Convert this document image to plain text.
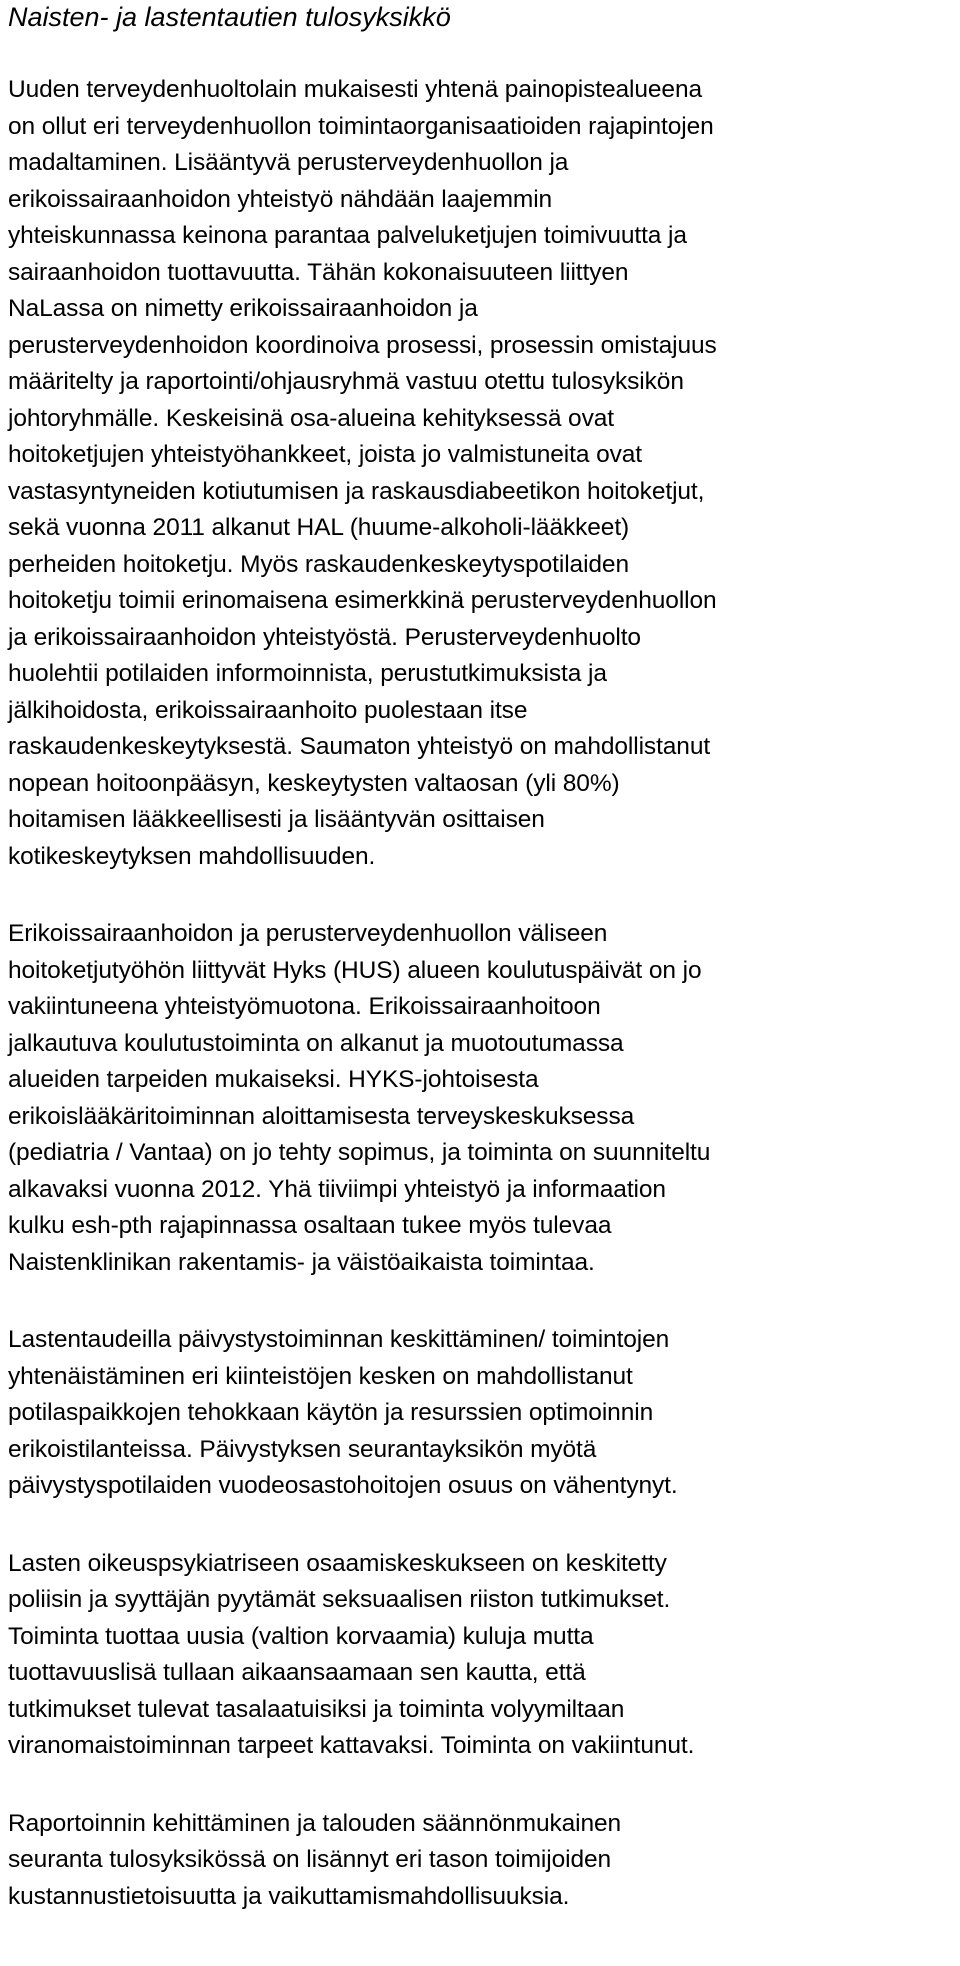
Naisten- ja lastentautien tulosyksikkö

Uuden terveydenhuoltolain mukaisesti yhtenä painopistealueena
on ollut eri terveydenhuollon toimintaorganisaatioiden rajapintojen
madaltaminen. Lisääntyvä perusterveydenhuollon ja
erikoissairaanhoidon yhteistyö nähdään laajemmin
yhteiskunnassa keinona parantaa palveluketjujen toimivuutta ja
sairaanhoidon tuottavuutta. Tähän kokonaisuuteen liittyen
NaLassa on nimetty erikoissairaanhoidon ja
perusterveydenhoidon koordinoiva prosessi, prosessin omistajuus
määritelty ja raportointi/ohjausryhmä vastuu otettu tulosyksikön
johtoryhmälle. Keskeisinä osa-alueina kehityksessä ovat
hoitoketjujen yhteistyöhankkeet, joista jo valmistuneita ovat
vastasyntyneiden kotiutumisen ja raskausdiabeetikon hoitoketjut,
sekä vuonna 2011 alkanut HAL (huume-alkoholi-lääkkeet)
perheiden hoitoketju. Myös raskaudenkeskeytyspotilaiden
hoitoketju toimii erinomaisena esimerkkinä perusterveydenhuollon
ja erikoissairaanhoidon yhteistyöstä. Perusterveydenhuolto
huolehtii potilaiden informoinnista, perustutkimuksista ja
jälkihoidosta, erikoissairaanhoito puolestaan itse
raskaudenkeskeytyksestä. Saumaton yhteistyö on mahdollistanut
nopean hoitoonpääsyn, keskeytysten valtaosan (yli 80%)
hoitamisen lääkkeellisesti ja lisääntyvän osittaisen
kotikeskeytyksen mahdollisuuden.

Erikoissairaanhoidon ja perusterveydenhuollon väliseen
hoitoketjutyöhön liittyvät Hyks (HUS) alueen koulutuspäivät on jo
vakiintuneena yhteistyömuotona. Erikoissairaanhoitoon
jalkautuva koulutustoiminta on alkanut ja muotoutumassa
alueiden tarpeiden mukaiseksi. HYKS-johtoisesta
erikoislääkäritoiminnan aloittamisesta terveyskeskuksessa
(pediatria / Vantaa) on jo tehty sopimus, ja toiminta on suunniteltu
alkavaksi vuonna 2012. Yhä tiiviimpi yhteistyö ja informaation
kulku esh-pth rajapinnassa osaltaan tukee myös tulevaa
Naistenklinikan rakentamis- ja väistöaikaista toimintaa.

Lastentaudeilla päivystystoiminnan keskittäminen/ toimintojen
yhtenäistäminen eri kiinteistöjen kesken on mahdollistanut
potilaspaikkojen tehokkaan käytön ja resurssien optimoinnin
erikoistilanteissa. Päivystyksen seurantayksikön myötä
päivystyspotilaiden vuodeosastohoitojen osuus on vähentynyt.

Lasten oikeuspsykiatriseen osaamiskeskukseen on keskitetty
poliisin ja syyttäjän pyytämät seksuaalisen riiston tutkimukset.
Toiminta tuottaa uusia (valtion korvaamia) kuluja mutta
tuottavuuslisä tullaan aikaansaamaan sen kautta, että
tutkimukset tulevat tasalaatuisiksi ja toiminta volyymiltaan
viranomaistoiminnan tarpeet kattavaksi. Toiminta on vakiintunut.

Raportoinnin kehittäminen ja talouden säännönmukainen
seuranta tulosyksikössä on lisännyt eri tason toimijoiden
kustannustietoisuutta ja vaikuttamismahdollisuuksia.
